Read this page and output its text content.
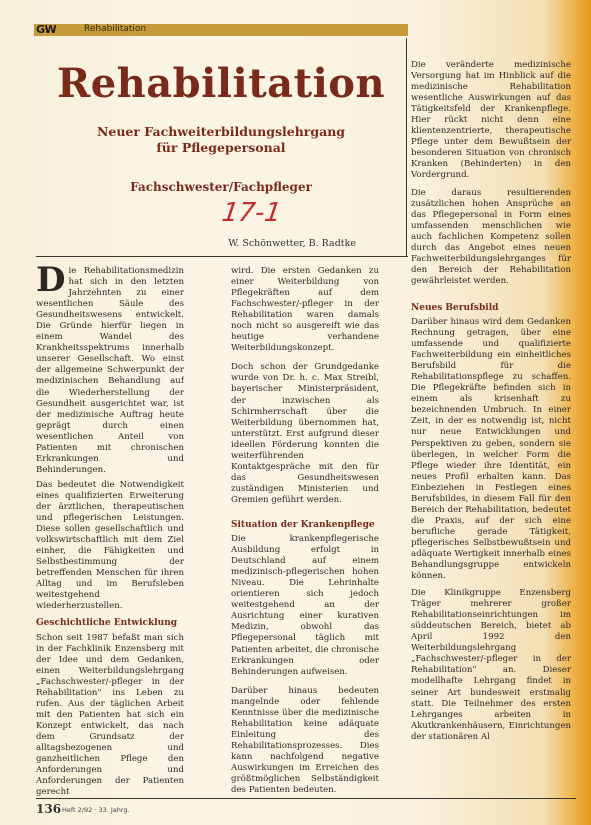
GW	Rehabilitation
Rehabilitation
Neuer Fachweiterbildungslehrgang
für Pflegepersonal
Fachschwester/Fachpfleger
17-1
W. Schönwetter, B. Radtke

Die Rehabilitationsmedizin hat sich in den letzten Jahrzehnten zu einer wesentlichen Säule des Gesundheitswesens entwickelt. Die Gründe hierfür liegen in einem Wandel des Krankheitsspektrums innerhalb unserer Gesellschaft. Wo einst der allgemeine Schwerpunkt der medizinischen Behandlung auf die Wiederherstellung der Gesundheit ausgerichtet war, ist der medizinische Auftrag heute geprägt durch einen wesentlichen Anteil von Patienten mit chronischen Erkrankungen und Behinderungen.

Das bedeutet die Notwendigkeit eines qualifizierten Erweiterung der ärztlichen, therapeutischen und pflegerischen Leistungen. Diese sollen gesellschaftlich und volkswirtschaftlich mit dem Ziel einher, die Fähigkeiten und Selbstbestimmung der betreffenden Menschen für ihren Alltag und im Berufsleben weitestgehend wiederherzustellen.

Geschichtliche Entwicklung

Schon seit 1987 befaßt man sich in der Fachklinik Enzensberg mit der Idee und dem Gedanken, einen Weiterbildungslehrgang „Fachschwester/-pfleger in der Rehabilitation" ins Leben zu rufen. Aus der täglichen Arbeit mit den Patienten hat sich ein Konzept entwickelt, das nach dem Grundsatz der alltagsbezogenen und ganzheitlichen Pflege den Anforderungen und Anforderungen der Patienten gerecht

wird. Die ersten Gedanken zu einer Weiterbildung von Pflegekräften auf dem Fachschwester/-pfleger in der Rehabilitation waren damals noch nicht so ausgereift wie das heutige verhandene Weiterbildungskonzept.

Doch schon der Grundgedanke wurde von Dr. h. c. Max Streibl, bayerischer Ministerpräsident, der inzwischen als Schirmherrschaft über die Weiterbildung übernommen hat, unterstützt. Erst aufgrund dieser ideellen Förderung konnten die weiterführenden Kontaktgespräche mit den für das Gesundheitswesen zuständigen Ministerien und Gremien geführt werden.

Situation der Krankenpflege

Die krankenpflegerische Ausbildung erfolgt in Deutschland auf einem medizinisch-pflegerischen hohen Niveau. Die Lehrinhalte orientieren sich jedoch weitestgehend an der Ausrichtung einer kurativen Medizin, obwohl das Pflegepersonal täglich mit Patienten arbeitet, die chronische Erkrankungen oder Behinderungen aufweisen.

Darüber hinaus bedeuten mangelnde oder fehlende Kenntnisse über die medizinische Rehabilitation keine adäquate Einleitung des Rehabilitationsprozesses. Dies kann nachfolgend negative Auswirkungen im Erreichen des größtmöglichen Selbständigkeit des Patienten bedeuten.

Die veränderte medizinische Versorgung hat im Hinblick auf die medizinische Rehabilitation wesentliche Auswirkungen auf das Tätigkeitsfeld der Krankenpflege. Hier rückt nicht denn eine klientenzentrierte, therapeutische Pflege unter dem Bewußtsein der besonderen Situation von chronisch Kranken (Behinderten) in den Vordergrund.

Die daraus resultierenden zusätzlichen hohen Ansprüche an das Pflegepersonal in Form eines umfassenden menschlichen wie auch fachlichen Kompetenz sollen durch das Angebot eines neuen Fachweiterbildungslehrganges für den Bereich der Rehabilitation gewährleistet werden.

Neues Berufsbild

Darüber hinaus wird dem Gedanken Rechnung getragen, über eine umfassende und qualifizierte Fachweiterbildung ein einheitliches Berufsbild für die Rehabilitationspflege zu schaffen. Die Pflegekräfte befinden sich in einem als krisenhaft zu bezeichnenden Umbruch. In einer Zeit, in der es notwendig ist, nicht nur neue Entwicklungen und Perspektiven zu geben, sondern sie überlegen, in welcher Form die Pflege wieder ihre Identität, ein neues Profil erhalten kann. Das Einbeziehen in Festlegen eines Berufsbildes, in diesem Fall für den Bereich der Rehabilitation, bedeutet die Praxis, auf der sich eine berufliche gerade Tätigkeit, pflegerisches Selbstbewußtsein und adäquate Wertigkeit innerhalb eines Behandlungsgruppe entwickeln können.

Die Klinikgruppe Enzensberg Träger mehrerer großer Rehabilitationseinrichtungen im süddeutschen Bereich, bietet ab April 1992 den Weiterbildungslehrgang „Fachschwester/-pfleger in der Rehabilitation" an. Dieser modellhafte Lehrgang findet in seiner Art bundesweit erstmalig statt. Die Teilnehmer des ersten Lehrganges arbeiten in Akutkrankenhäusern, Einrichtungen der stationären Al

136 Heft 2/92 · 33. Jahrg.
